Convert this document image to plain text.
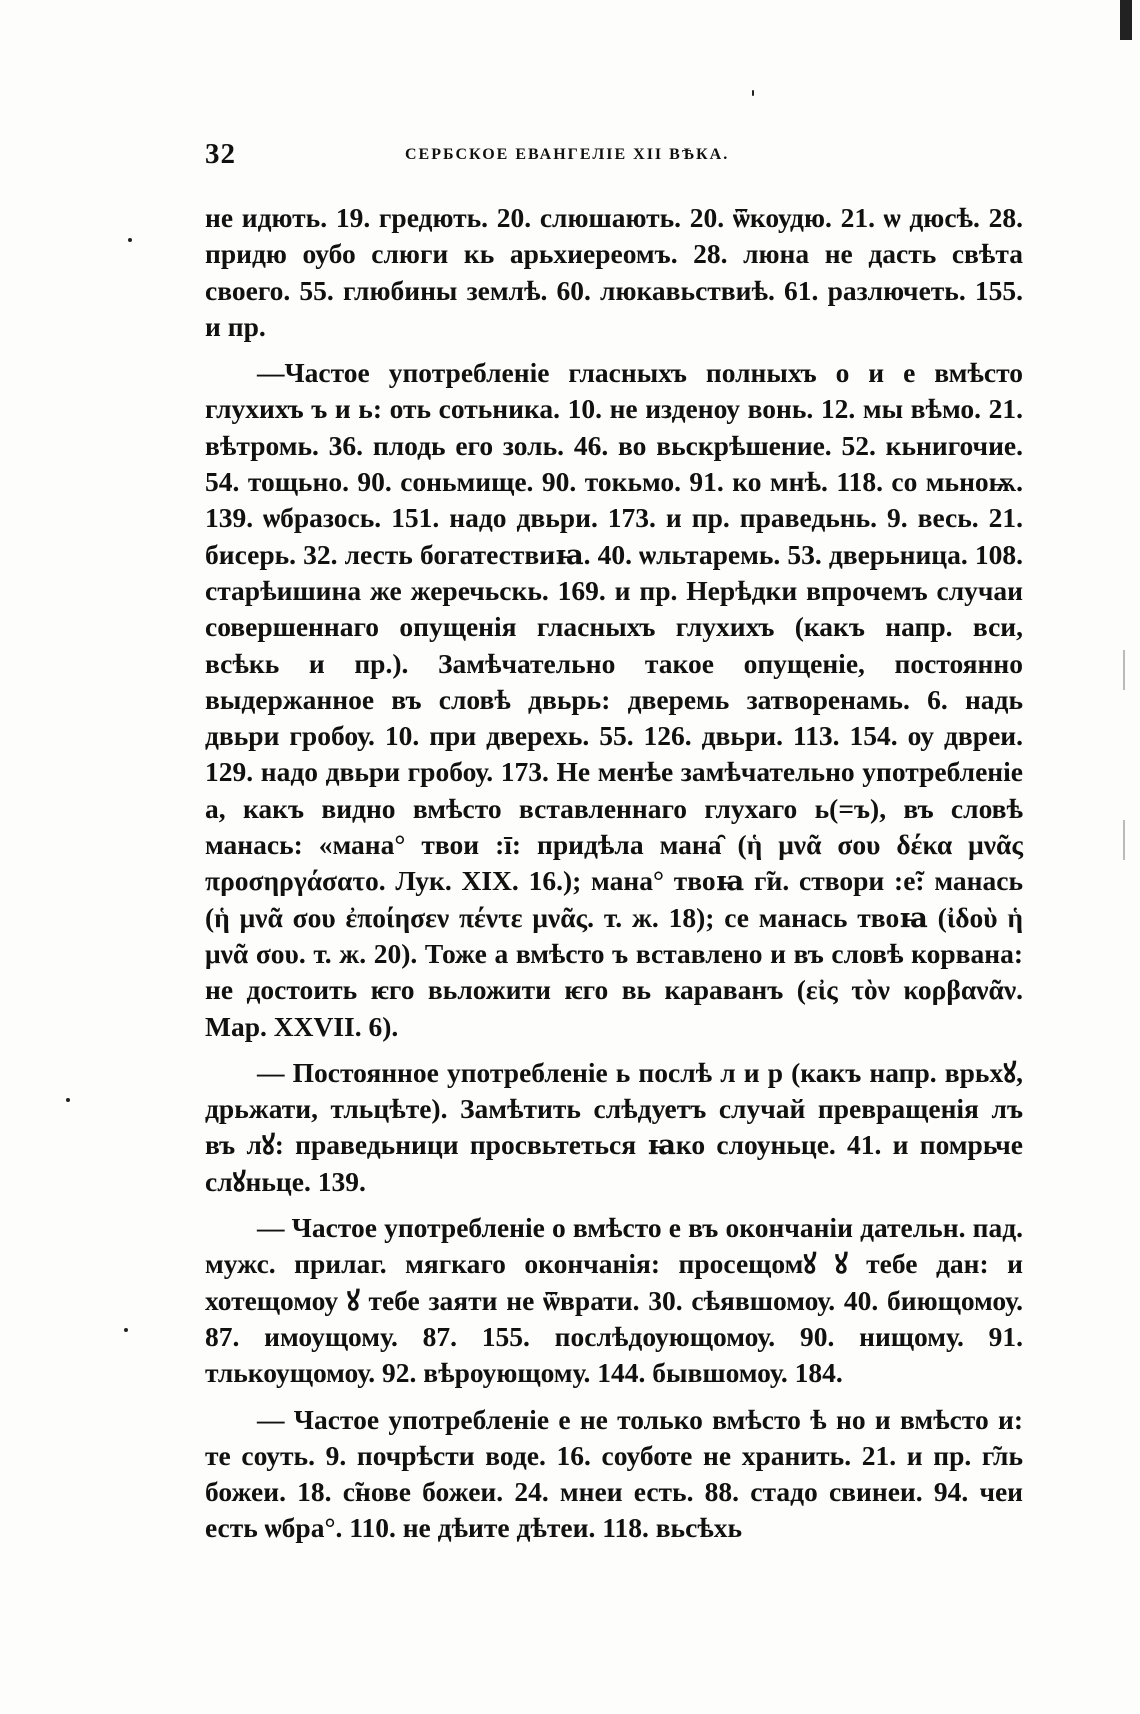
32	СЕРБСКОЕ ЕВАНГЕЛІЕ XII ВѢКА.

не идють. 19. гредють. 20. слюшають. 20. ѿкоудю. 21. ѡ дюсѣ. 28. придю оубо слюги кь арьхиереомъ. 28. люна не дасть свѣта своего. 55. глюбины землѣ. 60. люкавьствиѣ. 61. разлючеть. 155. и пр.

—Частое употребленіе гласныхъ полныхъ о и е вмѣсто глухихъ ъ и ь: оть сотьника. 10. не изденоу вонь. 12. мы вѣмо. 21. вѣтромь. 36. плодь его золь. 46. во вьскрѣшение. 52. кьнигочие. 54. тощьно. 90. соньмище. 90. токьмо. 91. ко мнѣ. 118. со мьноѭ. 139. ѡбразось. 151. надо двьри. 173. и пр. праведьнь. 9. весь. 21. бисерь. 32. лесть богатествиꙗ. 40. ѡльтаремь. 53. дверьница. 108. старѣишина же жеречьскь. 169. и пр. Нерѣдки впрочемъ случаи совершеннаго опущенія гласныхъ глухихъ (какъ напр. вси, всѣкь и пр.). Замѣчательно такое опущеніе, постоянно выдержанное въ словѣ двьрь: дверемь затворенамь. 6. надь двьри гробоу. 10. при дверехь. 55. 126. двьри. 113. 154. оу двреи. 129. надо двьри гробоу. 173. Не менѣе замѣчательно употребленіе а, какъ видно вмѣсто вставленнаго глухаго ь(=ъ), въ словѣ манась: «мана° твои :ī: придѣла мана̑ (ἡ μνᾶ σου δέκα μνᾶς προσηργάσατο. Лук. XIX. 16.); мана° твоꙗ г̃и. створи :е̃: манась (ἡ μνᾶ σου ἐποίησεν πέντε μνᾶς. т. ж. 18); се манась твоꙗ (ἰδοὺ ἡ μνᾶ σου. т. ж. 20). Тоже а вмѣсто ъ вставлено и въ словѣ корвана: не достоить ѥго вьложити ѥго вь караванъ (εἰς τὸν κορβανᾶν. Мар. XXVII. 6).

— Постоянное употребленіе ь послѣ л и р (какъ напр. врьхꙋ, дрьжати, тльцѣте). Замѣтить слѣдуетъ случай превращенія лъ въ лꙋ: праведьници просвьтеться ꙗко слоуньце. 41. и помрьче слꙋньце. 139.

— Частое употребленіе о вмѣсто е въ окончаніи дательн. пад. мужс. прилаг. мягкаго окончанія: просещомꙋ ꙋ тебе дан: и хотещомоу ꙋ тебе заяти не ѿврати. 30. сѣявшомоу. 40. биющомоу. 87. имоущому. 87. 155. послѣдоующомоу. 90. нищому. 91. тлькоущомоу. 92. вѣроующому. 144. бывшомоу. 184.

— Частое употребленіе е не только вмѣсто ѣ но и вмѣсто и: те соуть. 9. почрѣсти воде. 16. соуботе не хранить. 21. и пр. г̃ль божеи. 18. с̃нове божеи. 24. мнеи есть. 88. стадо свинеи. 94. чеи есть ѡбра°. 110. не дѣите дѣтеи. 118. вьсѣхь
